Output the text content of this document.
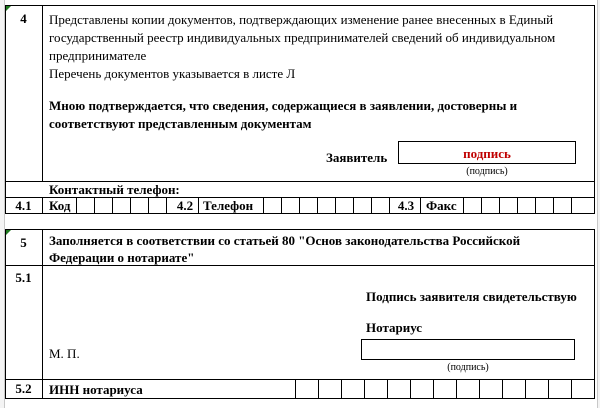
4	Представлены копии документов, подтверждающих изменение ранее внесенных в Единый
государственный реестр индивидуальных предпринимателей сведений об индивидуальном
предпринимателе
Перечень документов указывается в листе Л
Мною подтверждается, что сведения, содержащиеся в заявлении, достоверны и
соответствуют представленным документам
Заявитель	подпись
(подпись)
Контактный телефон:
4.1	Код	4.2 Телефон	4.3 Факс
5	Заполняется в соответствии со статьей 80 "Основ законодательства Российской
Федерации о нотариате"
5.1
Подпись заявителя свидетельствую
Нотариус
М. П.
(подпись)
5.2	ИНН нотариуса
